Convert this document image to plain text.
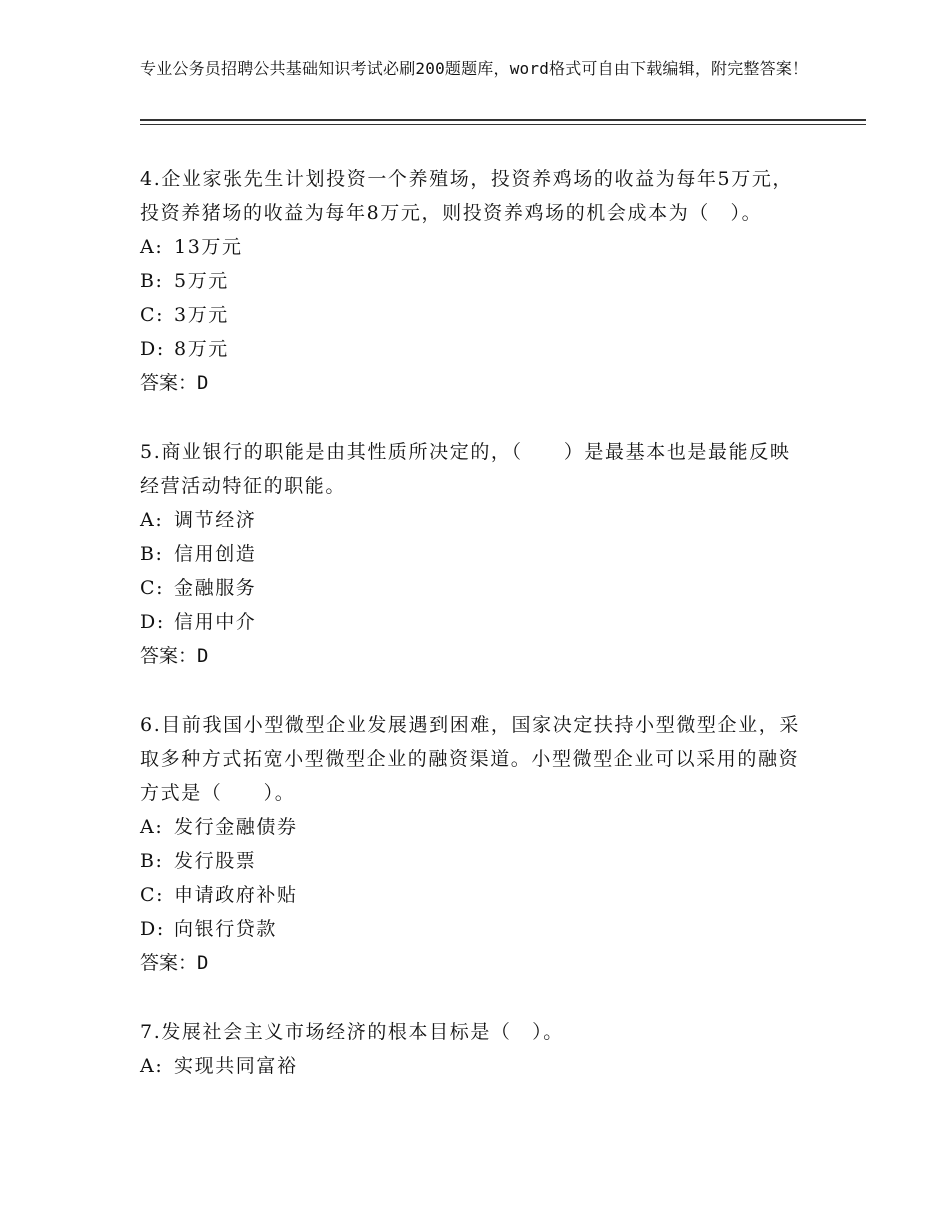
专业公务员招聘公共基础知识考试必刷200题题库，word格式可自由下载编辑，附完整答案！
4.企业家张先生计划投资一个养殖场，投资养鸡场的收益为每年5万元，投资养猪场的收益为每年8万元，则投资养鸡场的机会成本为（　）。
A: 13万元
B: 5万元
C: 3万元
D: 8万元
答案：D
5.商业银行的职能是由其性质所决定的，（　　）是最基本也是最能反映经营活动特征的职能。
A: 调节经济
B: 信用创造
C: 金融服务
D: 信用中介
答案：D
6.目前我国小型微型企业发展遇到困难，国家决定扶持小型微型企业，采取多种方式拓宽小型微型企业的融资渠道。小型微型企业可以采用的融资方式是（　　）。
A: 发行金融债券
B: 发行股票
C: 申请政府补贴
D: 向银行贷款
答案：D
7.发展社会主义市场经济的根本目标是（　）。
A: 实现共同富裕
